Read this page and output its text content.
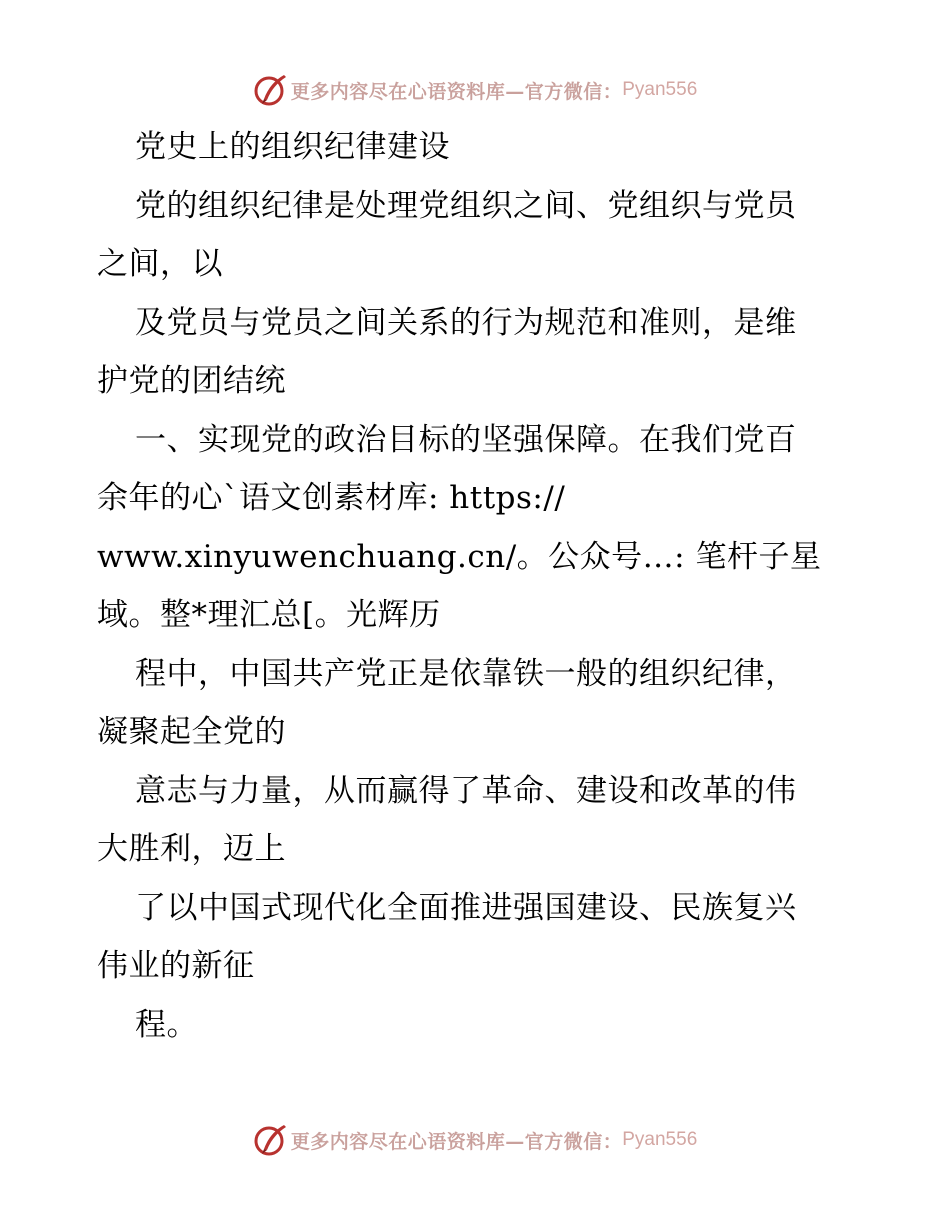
更多内容尽在心语资料库—官方微信： Pyan556
党史上的组织纪律建设
党的组织纪律是处理党组织之间、党组织与党员
之间，以
及党员与党员之间关系的行为规范和准则，是维
护党的团结统
一、实现党的政治目标的坚强保障。在我们党百
余年的心`语文创素材库: https://
www.xinyuwenchuang.cn/。公众号…: 笔杆子星
域。整*理汇总[。光辉历
程中，中国共产党正是依靠铁一般的组织纪律，
凝聚起全党的
意志与力量，从而赢得了革命、建设和改革的伟
大胜利，迈上
了以中国式现代化全面推进强国建设、民族复兴
伟业的新征
程。
更多内容尽在心语资料库—官方微信： Pyan556
